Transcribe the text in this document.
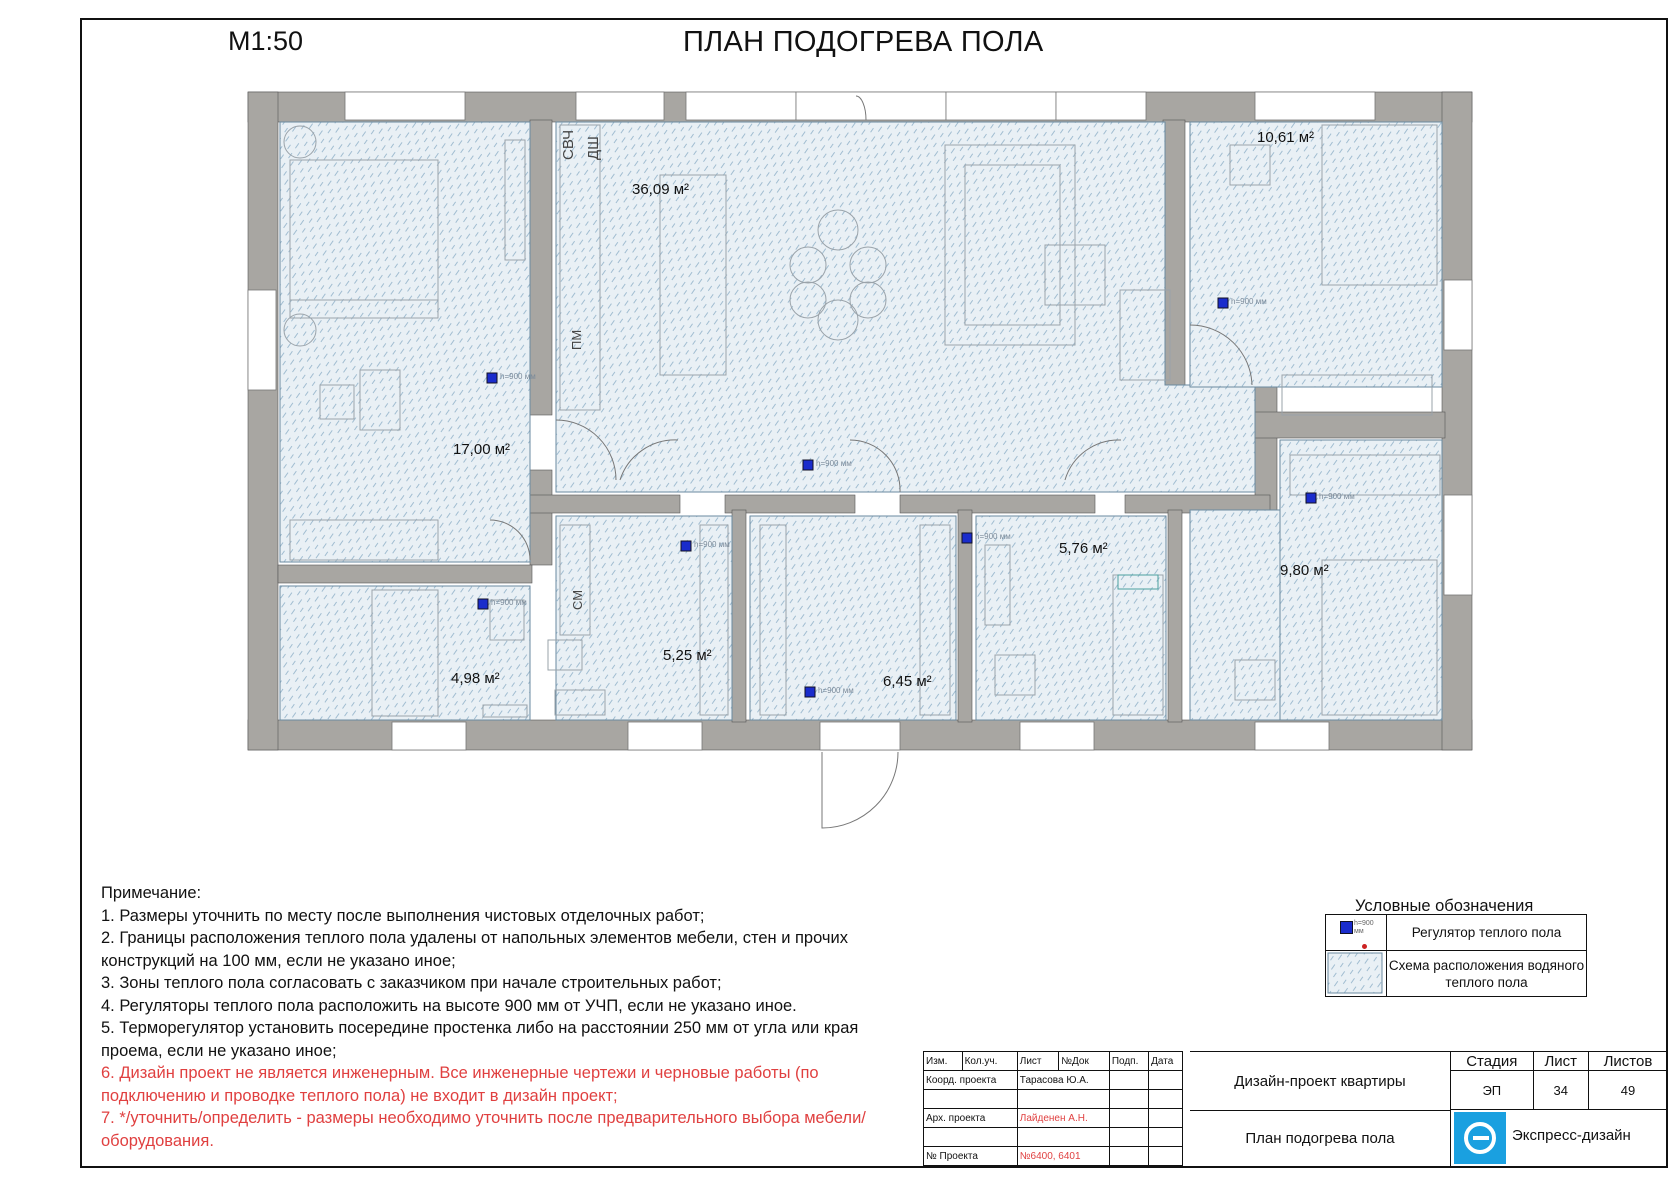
М1:50	ПЛАН ПОДОГРЕВА ПОЛА
СВЧ ДШ
ПМ
СМ
h=900 мм
h=900 мм
h=900 мм
h=900 мм
h=900 мм
h=900 мм
h=900 мм
h=900 мм
17,00 м²
36,09 м²
10,61 м²
9,80 м²
4,98 м²
5,25 м²
6,45 м²
5,76 м²
Примечание:
1. Размеры уточнить по месту после выполнения чистовых отделочных работ;
2. Границы расположения теплого пола удалены от напольных элементов мебели, стен и прочих конструкций на 100 мм, если не указано иное;
3. Зоны теплого пола согласовать с заказчиком при начале строительных работ;
4. Регуляторы теплого пола расположить на высоте 900 мм от УЧП, если не указано иное.
5. Терморегулятор установить посередине простенка либо на расстоянии 250 мм от угла или края проема, если не указано иное;
6. Дизайн проект не является инженерным. Все инженерные чертежи и черновые работы (по подключению и проводке теплого пола) не входит в дизайн проект;
7. */уточнить/определить - размеры необходимо уточнить после предварительного выбора мебели/оборудования.
Условные обозначения
h=900
мм	Регулятор теплого пола
Схема расположения водяного теплого пола
Изм.	Кол.уч.	Лист	№Док	Подп.	Дата
Коорд. проекта		Тарасова Ю.А.			

Арх. проекта		Лайденен А.Н.			

№ Проекта		№6400, 6401			
Дизайн-проект квартиры
План подогрева пола
Стадия	Лист	Листов
ЭП	34	49
Экспресс-дизайн
